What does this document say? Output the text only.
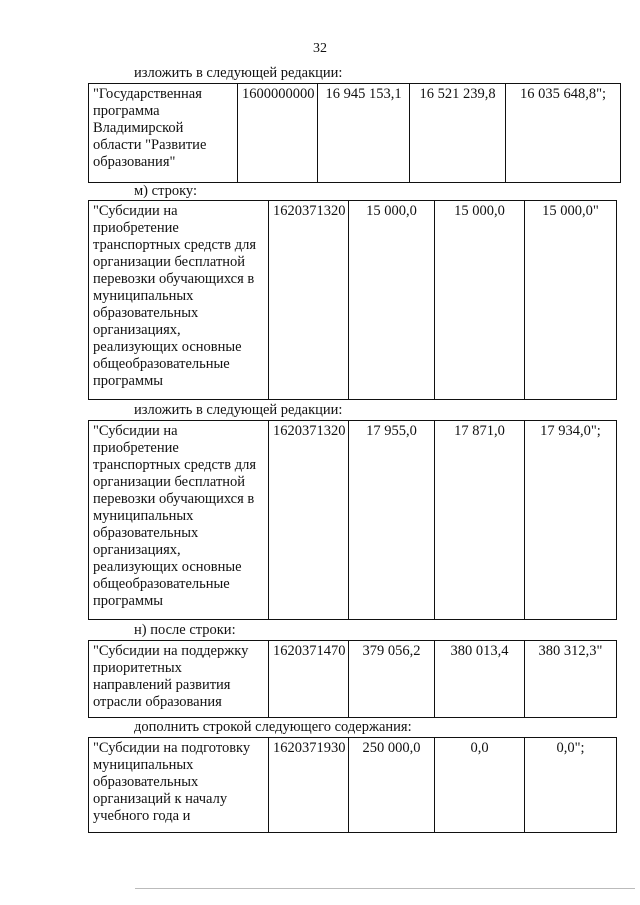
32
изложить в следующей редакции:
"Государственная программа Владимирской области "Развитие образования"	1600000000	16 945 153,1	16 521 239,8	16 035 648,8";
м) строку:
"Субсидии на приобретение транспортных средств для организации бесплатной перевозки обучающихся в муниципальных образовательных организациях, реализующих основные общеобразовательные программы	1620371320	15 000,0	15 000,0	15 000,0"
изложить в следующей редакции:
"Субсидии на приобретение транспортных средств для организации бесплатной перевозки обучающихся в муниципальных образовательных организациях, реализующих основные общеобразовательные программы	1620371320	17 955,0	17 871,0	17 934,0";
н) после строки:
"Субсидии на поддержку приоритетных направлений развития отрасли образования	1620371470	379 056,2	380 013,4	380 312,3"
дополнить строкой следующего содержания:
"Субсидии на подготовку муниципальных образовательных организаций к началу учебного года и	1620371930	250 000,0	0,0	0,0";
